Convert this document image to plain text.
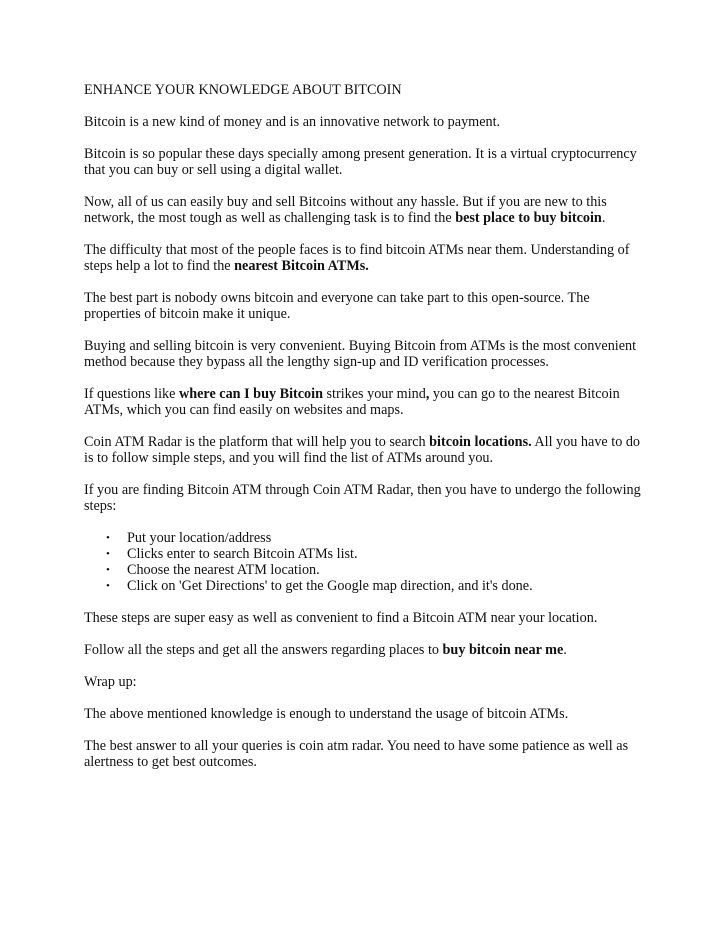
ENHANCE YOUR KNOWLEDGE ABOUT BITCOIN

Bitcoin is a new kind of money and is an innovative network to payment.

Bitcoin is so popular these days specially among present generation. It is a virtual cryptocurrency that you can buy or sell using a digital wallet.

Now, all of us can easily buy and sell Bitcoins without any hassle. But if you are new to this network, the most tough as well as challenging task is to find the best place to buy bitcoin.

The difficulty that most of the people faces is to find bitcoin ATMs near them. Understanding of steps help a lot to find the nearest Bitcoin ATMs.

The best part is nobody owns bitcoin and everyone can take part to this open-source. The properties of bitcoin make it unique.

Buying and selling bitcoin is very convenient. Buying Bitcoin from ATMs is the most convenient method because they bypass all the lengthy sign-up and ID verification processes.

If questions like where can I buy Bitcoin strikes your mind, you can go to the nearest Bitcoin ATMs, which you can find easily on websites and maps.

Coin ATM Radar is the platform that will help you to search bitcoin locations. All you have to do is to follow simple steps, and you will find the list of ATMs around you.

If you are finding Bitcoin ATM through Coin ATM Radar, then you have to undergo the following steps:

• Put your location/address
• Clicks enter to search Bitcoin ATMs list.
• Choose the nearest ATM location.
• Click on 'Get Directions' to get the Google map direction, and it's done.

These steps are super easy as well as convenient to find a Bitcoin ATM near your location.

Follow all the steps and get all the answers regarding places to buy bitcoin near me.

Wrap up:

The above mentioned knowledge is enough to understand the usage of bitcoin ATMs.

The best answer to all your queries is coin atm radar. You need to have some patience as well as alertness to get best outcomes.
